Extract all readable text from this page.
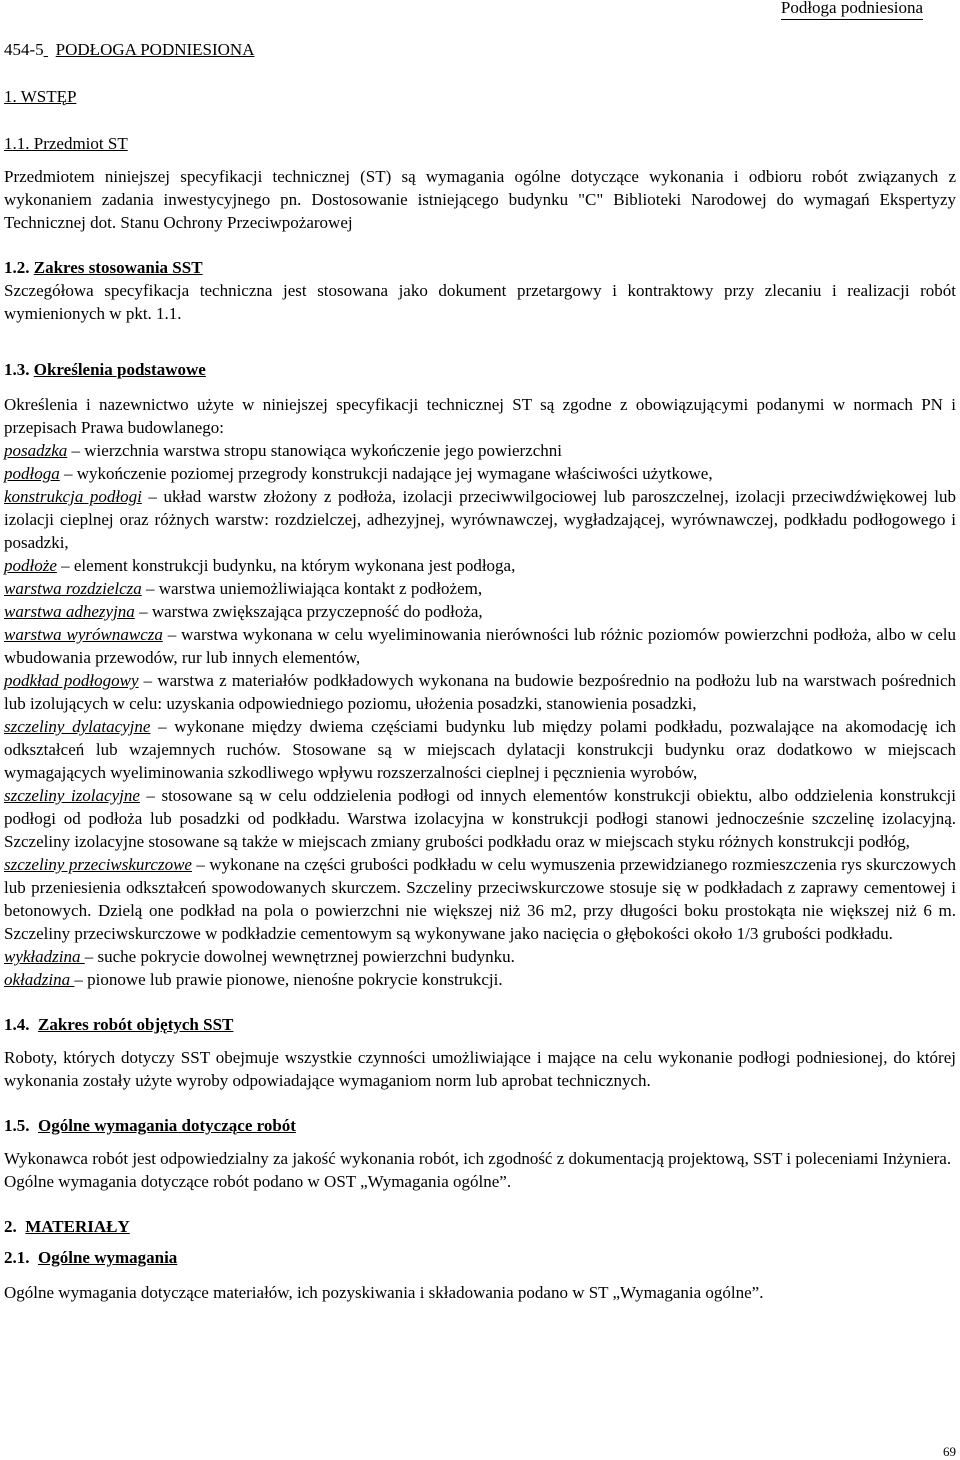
Podłoga podniesiona
454-5 PODŁOGA PODNIESIONA
1. WSTĘP
1.1. Przedmiot ST

Przedmiotem niniejszej specyfikacji technicznej (ST) są wymagania ogólne dotyczące wykonania i odbioru robót związanych z wykonaniem zadania inwestycyjnego pn. Dostosowanie istniejącego budynku "C" Biblioteki Narodowej do wymagań Ekspertyzy Technicznej dot. Stanu Ochrony Przeciwpożarowej

1.2. Zakres stosowania SST

Szczegółowa specyfikacja techniczna jest stosowana jako dokument przetargowy i kontraktowy przy zlecaniu i realizacji robót wymienionych w pkt. 1.1.

1.3. Określenia podstawowe

Określenia i nazewnictwo użyte w niniejszej specyfikacji technicznej ST są zgodne z obowiązującymi podanymi w normach PN i przepisach Prawa budowlanego:

posadzka – wierzchnia warstwa stropu stanowiąca wykończenie jego powierzchni

podłoga – wykończenie poziomej przegrody konstrukcji nadające jej wymagane właściwości użytkowe,

konstrukcja podłogi – układ warstw złożony z podłoża, izolacji przeciwwilgociowej lub paroszczelnej, izolacji przeciwdźwiękowej lub izolacji cieplnej oraz różnych warstw: rozdzielczej, adhezyjnej, wyrównawczej, wygładzającej, wyrównawczej, podkładu podłogowego i posadzki,

podłoże – element konstrukcji budynku, na którym wykonana jest podłoga,

warstwa rozdzielcza – warstwa uniemożliwiająca kontakt z podłożem,

warstwa adhezyjna – warstwa zwiększająca przyczepność do podłoża,

warstwa wyrównawcza – warstwa wykonana w celu wyeliminowania nierówności lub różnic poziomów powierzchni podłoża, albo w celu wbudowania przewodów, rur lub innych elementów,

podkład podłogowy – warstwa z materiałów podkładowych wykonana na budowie bezpośrednio na podłożu lub na warstwach pośrednich lub izolujących w celu: uzyskania odpowiedniego poziomu, ułożenia posadzki, stanowienia posadzki,

szczeliny dylatacyjne – wykonane między dwiema częściami budynku lub między polami podkładu, pozwalające na akomodację ich odkształceń lub wzajemnych ruchów. Stosowane są w miejscach dylatacji konstrukcji budynku oraz dodatkowo w miejscach wymagających wyeliminowania szkodliwego wpływu rozszerzalności cieplnej i pęcznienia wyrobów,

szczeliny izolacyjne – stosowane są w celu oddzielenia podłogi od innych elementów konstrukcji obiektu, albo oddzielenia konstrukcji podłogi od podłoża lub posadzki od podkładu. Warstwa izolacyjna w konstrukcji podłogi stanowi jednocześnie szczelinę izolacyjną. Szczeliny izolacyjne stosowane są także w miejscach zmiany grubości podkładu oraz w miejscach styku różnych konstrukcji podłóg,

szczeliny przeciwskurczowe – wykonane na części grubości podkładu w celu wymuszenia przewidzianego rozmieszczenia rys skurczowych lub przeniesienia odkształceń spowodowanych skurczem. Szczeliny przeciwskurczowe stosuje się w podkładach z zaprawy cementowej i betonowych. Dzielą one podkład na pola o powierzchni nie większej niż 36 m2, przy długości boku prostokąta nie większej niż 6 m. Szczeliny przeciwskurczowe w podkładzie cementowym są wykonywane jako nacięcia o głębokości około 1/3 grubości podkładu.

wykładzina – suche pokrycie dowolnej wewnętrznej powierzchni budynku.

okładzina – pionowe lub prawie pionowe, nienośne pokrycie konstrukcji.

1.4. Zakres robót objętych SST

Roboty, których dotyczy SST obejmuje wszystkie czynności umożliwiające i mające na celu wykonanie podłogi podniesionej, do której wykonania zostały użyte wyroby odpowiadające wymaganiom norm lub aprobat technicznych.

1.5. Ogólne wymagania dotyczące robót

Wykonawca robót jest odpowiedzialny za jakość wykonania robót, ich zgodność z dokumentacją projektową, SST i poleceniami Inżyniera.

Ogólne wymagania dotyczące robót podano w OST „Wymagania ogólne”.

2. MATERIAŁY
2.1. Ogólne wymagania

Ogólne wymagania dotyczące materiałów, ich pozyskiwania i składowania podano w ST „Wymagania ogólne”.

69
